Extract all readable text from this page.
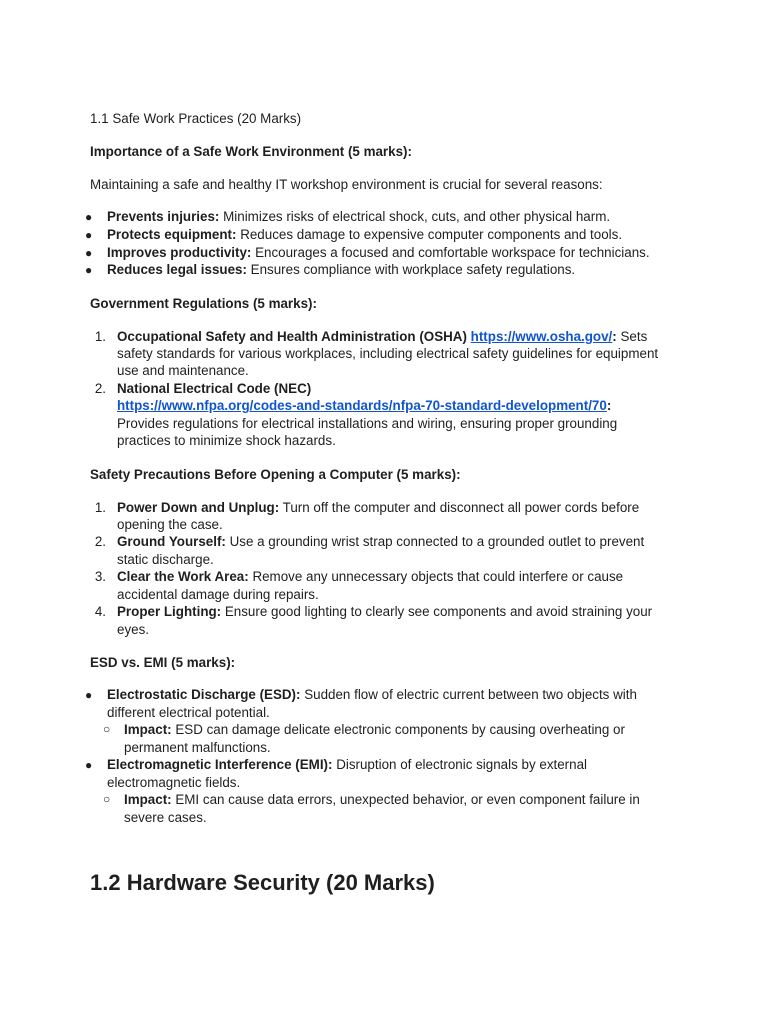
1.1 Safe Work Practices (20 Marks)
Importance of a Safe Work Environment (5 marks):
Maintaining a safe and healthy IT workshop environment is crucial for several reasons:
● Prevents injuries: Minimizes risks of electrical shock, cuts, and other physical harm.
● Protects equipment: Reduces damage to expensive computer components and tools.
● Improves productivity: Encourages a focused and comfortable workspace for technicians.
● Reduces legal issues: Ensures compliance with workplace safety regulations.
Government Regulations (5 marks):
1. Occupational Safety and Health Administration (OSHA) https://www.osha.gov/: Sets
safety standards for various workplaces, including electrical safety guidelines for equipment
use and maintenance.
2. National Electrical Code (NEC)
https://www.nfpa.org/codes-and-standards/nfpa-70-standard-development/70:
Provides regulations for electrical installations and wiring, ensuring proper grounding
practices to minimize shock hazards.
Safety Precautions Before Opening a Computer (5 marks):
1. Power Down and Unplug: Turn off the computer and disconnect all power cords before
opening the case.
2. Ground Yourself: Use a grounding wrist strap connected to a grounded outlet to prevent
static discharge.
3. Clear the Work Area: Remove any unnecessary objects that could interfere or cause
accidental damage during repairs.
4. Proper Lighting: Ensure good lighting to clearly see components and avoid straining your
eyes.
ESD vs. EMI (5 marks):
● Electrostatic Discharge (ESD): Sudden flow of electric current between two objects with
different electrical potential.
○ Impact: ESD can damage delicate electronic components by causing overheating or
permanent malfunctions.
● Electromagnetic Interference (EMI): Disruption of electronic signals by external
electromagnetic fields.
○ Impact: EMI can cause data errors, unexpected behavior, or even component failure in
severe cases.
1.2 Hardware Security (20 Marks)
